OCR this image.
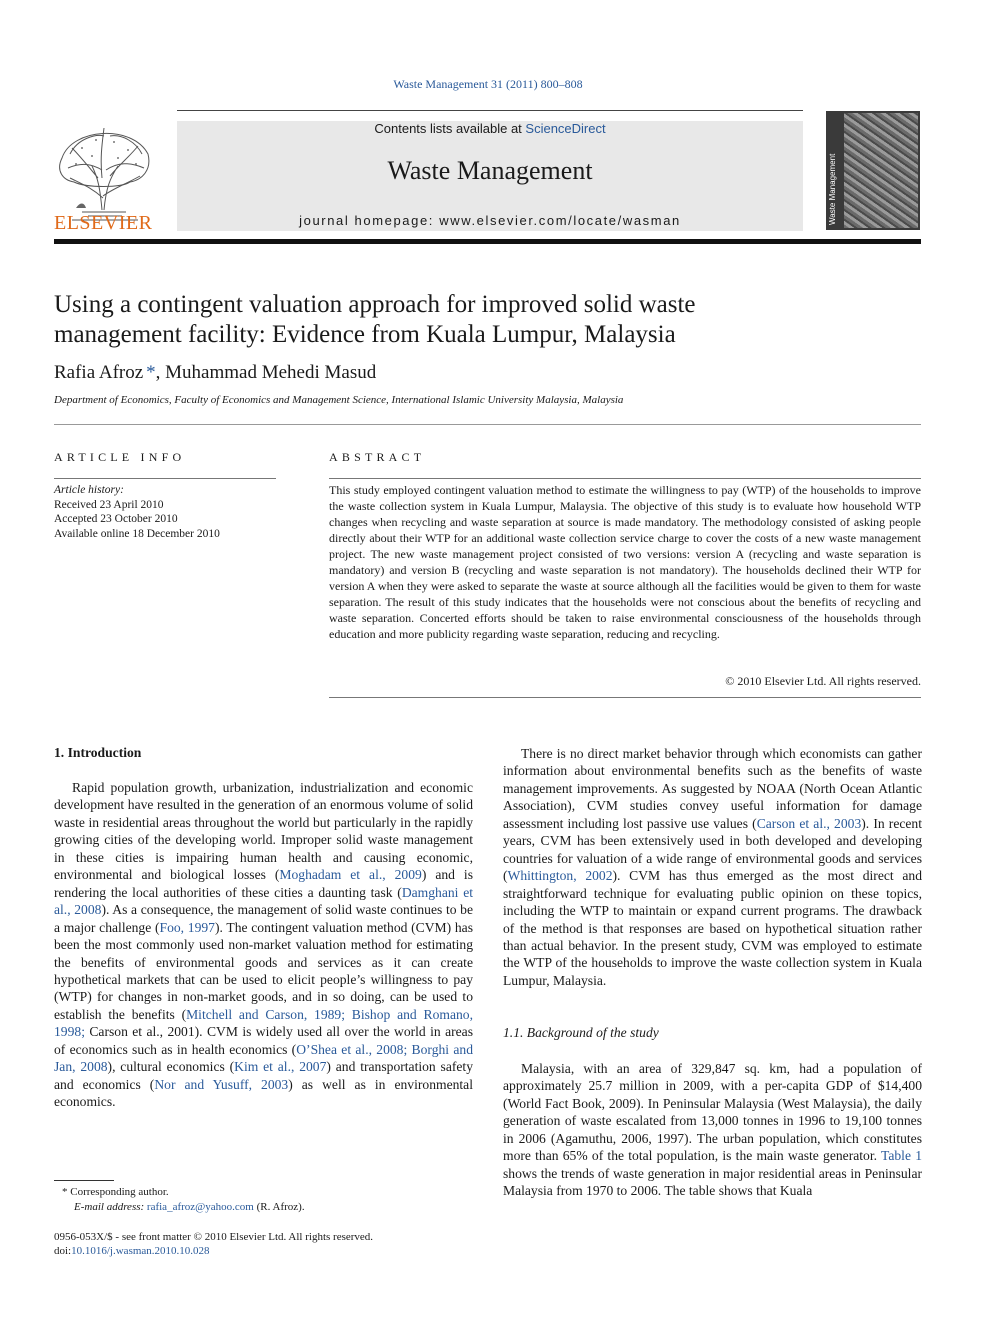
Waste Management 31 (2011) 800–808
ELSEVIER
Contents lists available at ScienceDirect
Waste Management
journal homepage: www.elsevier.com/locate/wasman	Waste Management
Using a contingent valuation approach for improved solid waste
management facility: Evidence from Kuala Lumpur, Malaysia
Rafia Afroz *, Muhammad Mehedi Masud
Department of Economics, Faculty of Economics and Management Science, International Islamic University Malaysia, Malaysia
ARTICLE INFO
Article history:
Received 23 April 2010
Accepted 23 October 2010
Available online 18 December 2010
ABSTRACT
This study employed contingent valuation method to estimate the willingness to pay (WTP) of the households to improve the waste collection system in Kuala Lumpur, Malaysia. The objective of this study is to evaluate how household WTP changes when recycling and waste separation at source is made mandatory. The methodology consisted of asking people directly about their WTP for an additional waste collection service charge to cover the costs of a new waste management project. The new waste management project consisted of two versions: version A (recycling and waste separation is mandatory) and version B (recycling and waste separation is not mandatory). The households declined their WTP for version A when they were asked to separate the waste at source although all the facilities would be given to them for waste separation. The result of this study indicates that the households were not conscious about the benefits of recycling and waste separation. Concerted efforts should be taken to raise environmental consciousness of the households through education and more publicity regarding waste separation, reducing and recycling.
© 2010 Elsevier Ltd. All rights reserved.
1. Introduction

Rapid population growth, urbanization, industrialization and economic development have resulted in the generation of an enormous volume of solid waste in residential areas throughout the world but particularly in the rapidly growing cities of the developing world. Improper solid waste management in these cities is impairing human health and causing economic, environmental and biological losses (Moghadam et al., 2009) and is rendering the local authorities of these cities a daunting task (Damghani et al., 2008). As a consequence, the management of solid waste continues to be a major challenge (Foo, 1997). The contingent valuation method (CVM) has been the most commonly used non-market valuation method for estimating the benefits of environmental goods and services as it can create hypothetical markets that can be used to elicit people’s willingness to pay (WTP) for changes in non-market goods, and in so doing, can be used to establish the benefits (Mitchell and Carson, 1989; Bishop and Romano, 1998; Carson et al., 2001). CVM is widely used all over the world in areas of economics such as in health economics (O’Shea et al., 2008; Borghi and Jan, 2008), cultural economics (Kim et al., 2007) and transportation safety and economics (Nor and Yusuff, 2003) as well as in environmental economics.

There is no direct market behavior through which economists can gather information about environmental benefits such as the benefits of waste management improvements. As suggested by NOAA (North Ocean Atlantic Association), CVM studies convey useful information for damage assessment including lost passive use values (Carson et al., 2003). In recent years, CVM has been extensively used in both developed and developing countries for valuation of a wide range of environmental goods and services (Whittington, 2002). CVM has thus emerged as the most direct and straightforward technique for evaluating public opinion on these topics, including the WTP to maintain or expand current programs. The drawback of the method is that responses are based on hypothetical situation rather than actual behavior. In the present study, CVM was employed to estimate the WTP of the households to improve the waste collection system in Kuala Lumpur, Malaysia.

1.1. Background of the study

Malaysia, with an area of 329,847 sq. km, had a population of approximately 25.7 million in 2009, with a per-capita GDP of $14,400 (World Fact Book, 2009). In Peninsular Malaysia (West Malaysia), the daily generation of waste escalated from 13,000 tonnes in 1996 to 19,100 tonnes in 2006 (Agamuthu, 2006, 1997). The urban population, which constitutes more than 65% of the total population, is the main waste generator. Table 1 shows the trends of waste generation in major residential areas in Peninsular Malaysia from 1970 to 2006. The table shows that Kuala

* Corresponding author.
E-mail address: rafia_afroz@yahoo.com (R. Afroz).
0956-053X/$ - see front matter © 2010 Elsevier Ltd. All rights reserved.
doi:10.1016/j.wasman.2010.10.028
